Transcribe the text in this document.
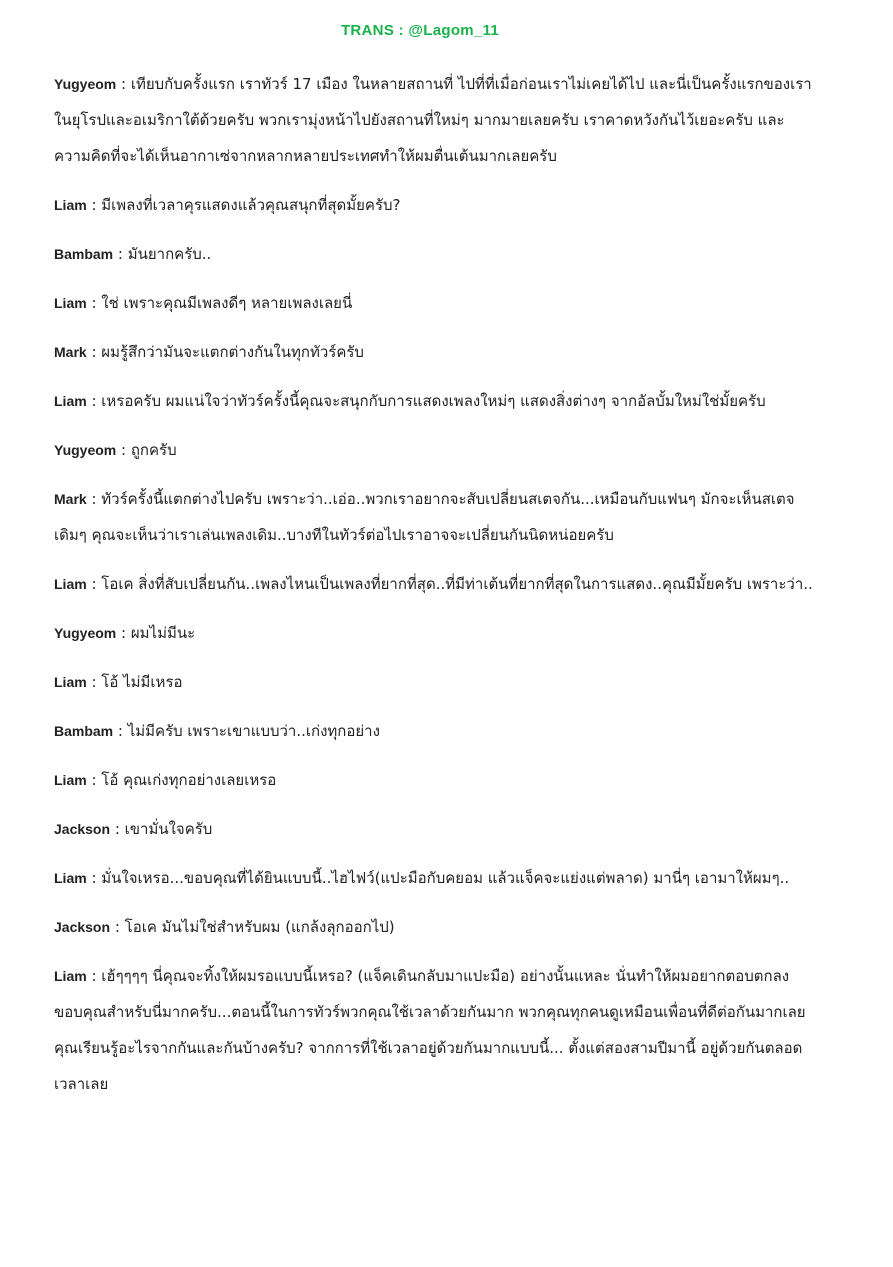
TRANS : @Lagom_11

Yugyeom : เทียบกับครั้งแรก เราทัวร์ 17 เมือง ในหลายสถานที่ ไปที่ที่เมื่อก่อนเราไม่เคยได้ไป และนี่เป็นครั้งแรกของเราในยุโรปและอเมริกาใต้ด้วยครับ พวกเรามุ่งหน้าไปยังสถานที่ใหม่ๆ มากมายเลยครับ เราคาดหวังกันไว้เยอะครับ และความคิดที่จะได้เห็นอากาเซ่จากหลากหลายประเทศทำให้ผมตื่นเต้นมากเลยครับ

Liam : มีเพลงที่เวลาคุรแสดงแล้วคุณสนุกที่สุดมั้ยครับ?

Bambam : มันยากครับ..

Liam : ใช่ เพราะคุณมีเพลงดีๆ หลายเพลงเลยนี่

Mark : ผมรู้สึกว่ามันจะแตกต่างกันในทุกทัวร์ครับ

Liam : เหรอครับ ผมแน่ใจว่าทัวร์ครั้งนี้คุณจะสนุกกับการแสดงเพลงใหม่ๆ แสดงสิ่งต่างๆ จากอัลบั้มใหม่ใช่มั้ยครับ

Yugyeom : ถูกครับ

Mark : ทัวร์ครั้งนี้แตกต่างไปครับ เพราะว่า..เอ่อ..พวกเราอยากจะสับเปลี่ยนสเตจกัน...เหมือนกับแฟนๆ มักจะเห็นสเตจเดิมๆ คุณจะเห็นว่าเราเล่นเพลงเดิม..บางทีในทัวร์ต่อไปเราอาจจะเปลี่ยนกันนิดหน่อยครับ

Liam : โอเค สิ่งที่สับเปลี่ยนกัน..เพลงไหนเป็นเพลงที่ยากที่สุด..ที่มีท่าเต้นที่ยากที่สุดในการแสดง..คุณมีมั้ยครับ เพราะว่า..

Yugyeom : ผมไม่มีนะ

Liam : โอ้ ไม่มีเหรอ

Bambam : ไม่มีครับ เพราะเขาแบบว่า..เก่งทุกอย่าง

Liam : โอ้ คุณเก่งทุกอย่างเลยเหรอ

Jackson : เขามั่นใจครับ

Liam : มั่นใจเหรอ...ขอบคุณที่ได้ยินแบบนี้..ไฮไฟว์(แปะมือกับคยอม แล้วแจ็คจะแย่งแต่พลาด) มานี่ๆ เอามาให้ผมๆ..

Jackson : โอเค มันไม่ใช่สำหรับผม (แกล้งลุกออกไป)

Liam : เฮ้ๆๆๆๆ นี่คุณจะทิ้งให้ผมรอแบบนี้เหรอ? (แจ็คเดินกลับมาแปะมือ) อย่างนั้นแหละ นั่นทำให้ผมอยากตอบตกลง ขอบคุณสำหรับนี่มากครับ...ตอนนี้ในการทัวร์พวกคุณใช้เวลาด้วยกันมาก พวกคุณทุกคนดูเหมือนเพื่อนที่ดีต่อกันมากเลย คุณเรียนรู้อะไรจากกันและกันบ้างครับ? จากการที่ใช้เวลาอยู่ด้วยกันมากแบบนี้... ตั้งแต่สองสามปีมานี้ อยู่ด้วยกันตลอดเวลาเลย
